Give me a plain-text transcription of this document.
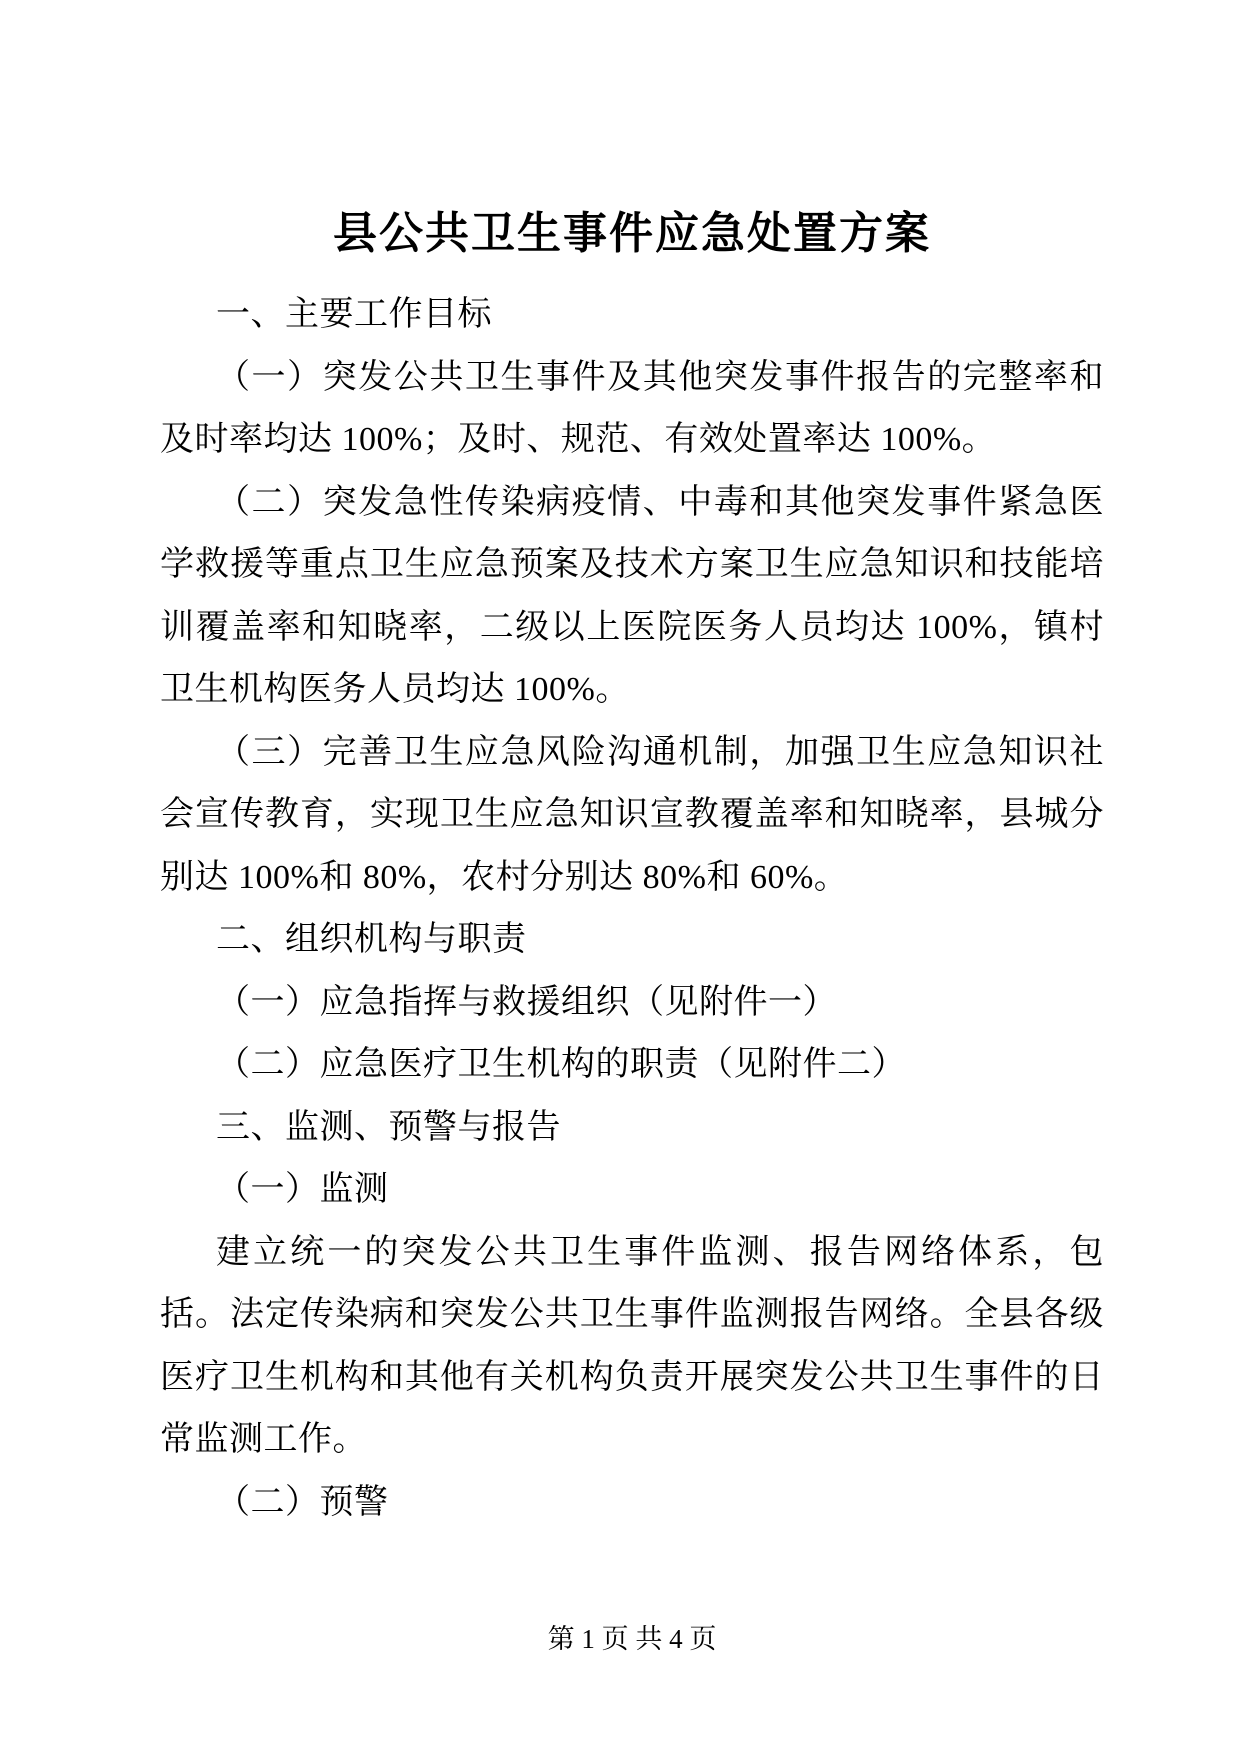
县公共卫生事件应急处置方案

一、主要工作目标

（一）突发公共卫生事件及其他突发事件报告的完整率和及时率均达 100%；及时、规范、有效处置率达 100%。

（二）突发急性传染病疫情、中毒和其他突发事件紧急医学救援等重点卫生应急预案及技术方案卫生应急知识和技能培训覆盖率和知晓率，二级以上医院医务人员均达 100%，镇村卫生机构医务人员均达 100%。

（三）完善卫生应急风险沟通机制，加强卫生应急知识社会宣传教育，实现卫生应急知识宣教覆盖率和知晓率，县城分别达 100%和 80%，农村分别达 80%和 60%。

二、组织机构与职责

（一）应急指挥与救援组织（见附件一）

（二）应急医疗卫生机构的职责（见附件二）

三、监测、预警与报告

（一）监测

建立统一的突发公共卫生事件监测、报告网络体系，包括。法定传染病和突发公共卫生事件监测报告网络。全县各级医疗卫生机构和其他有关机构负责开展突发公共卫生事件的日常监测工作。

（二）预警

第 1 页 共 4 页
